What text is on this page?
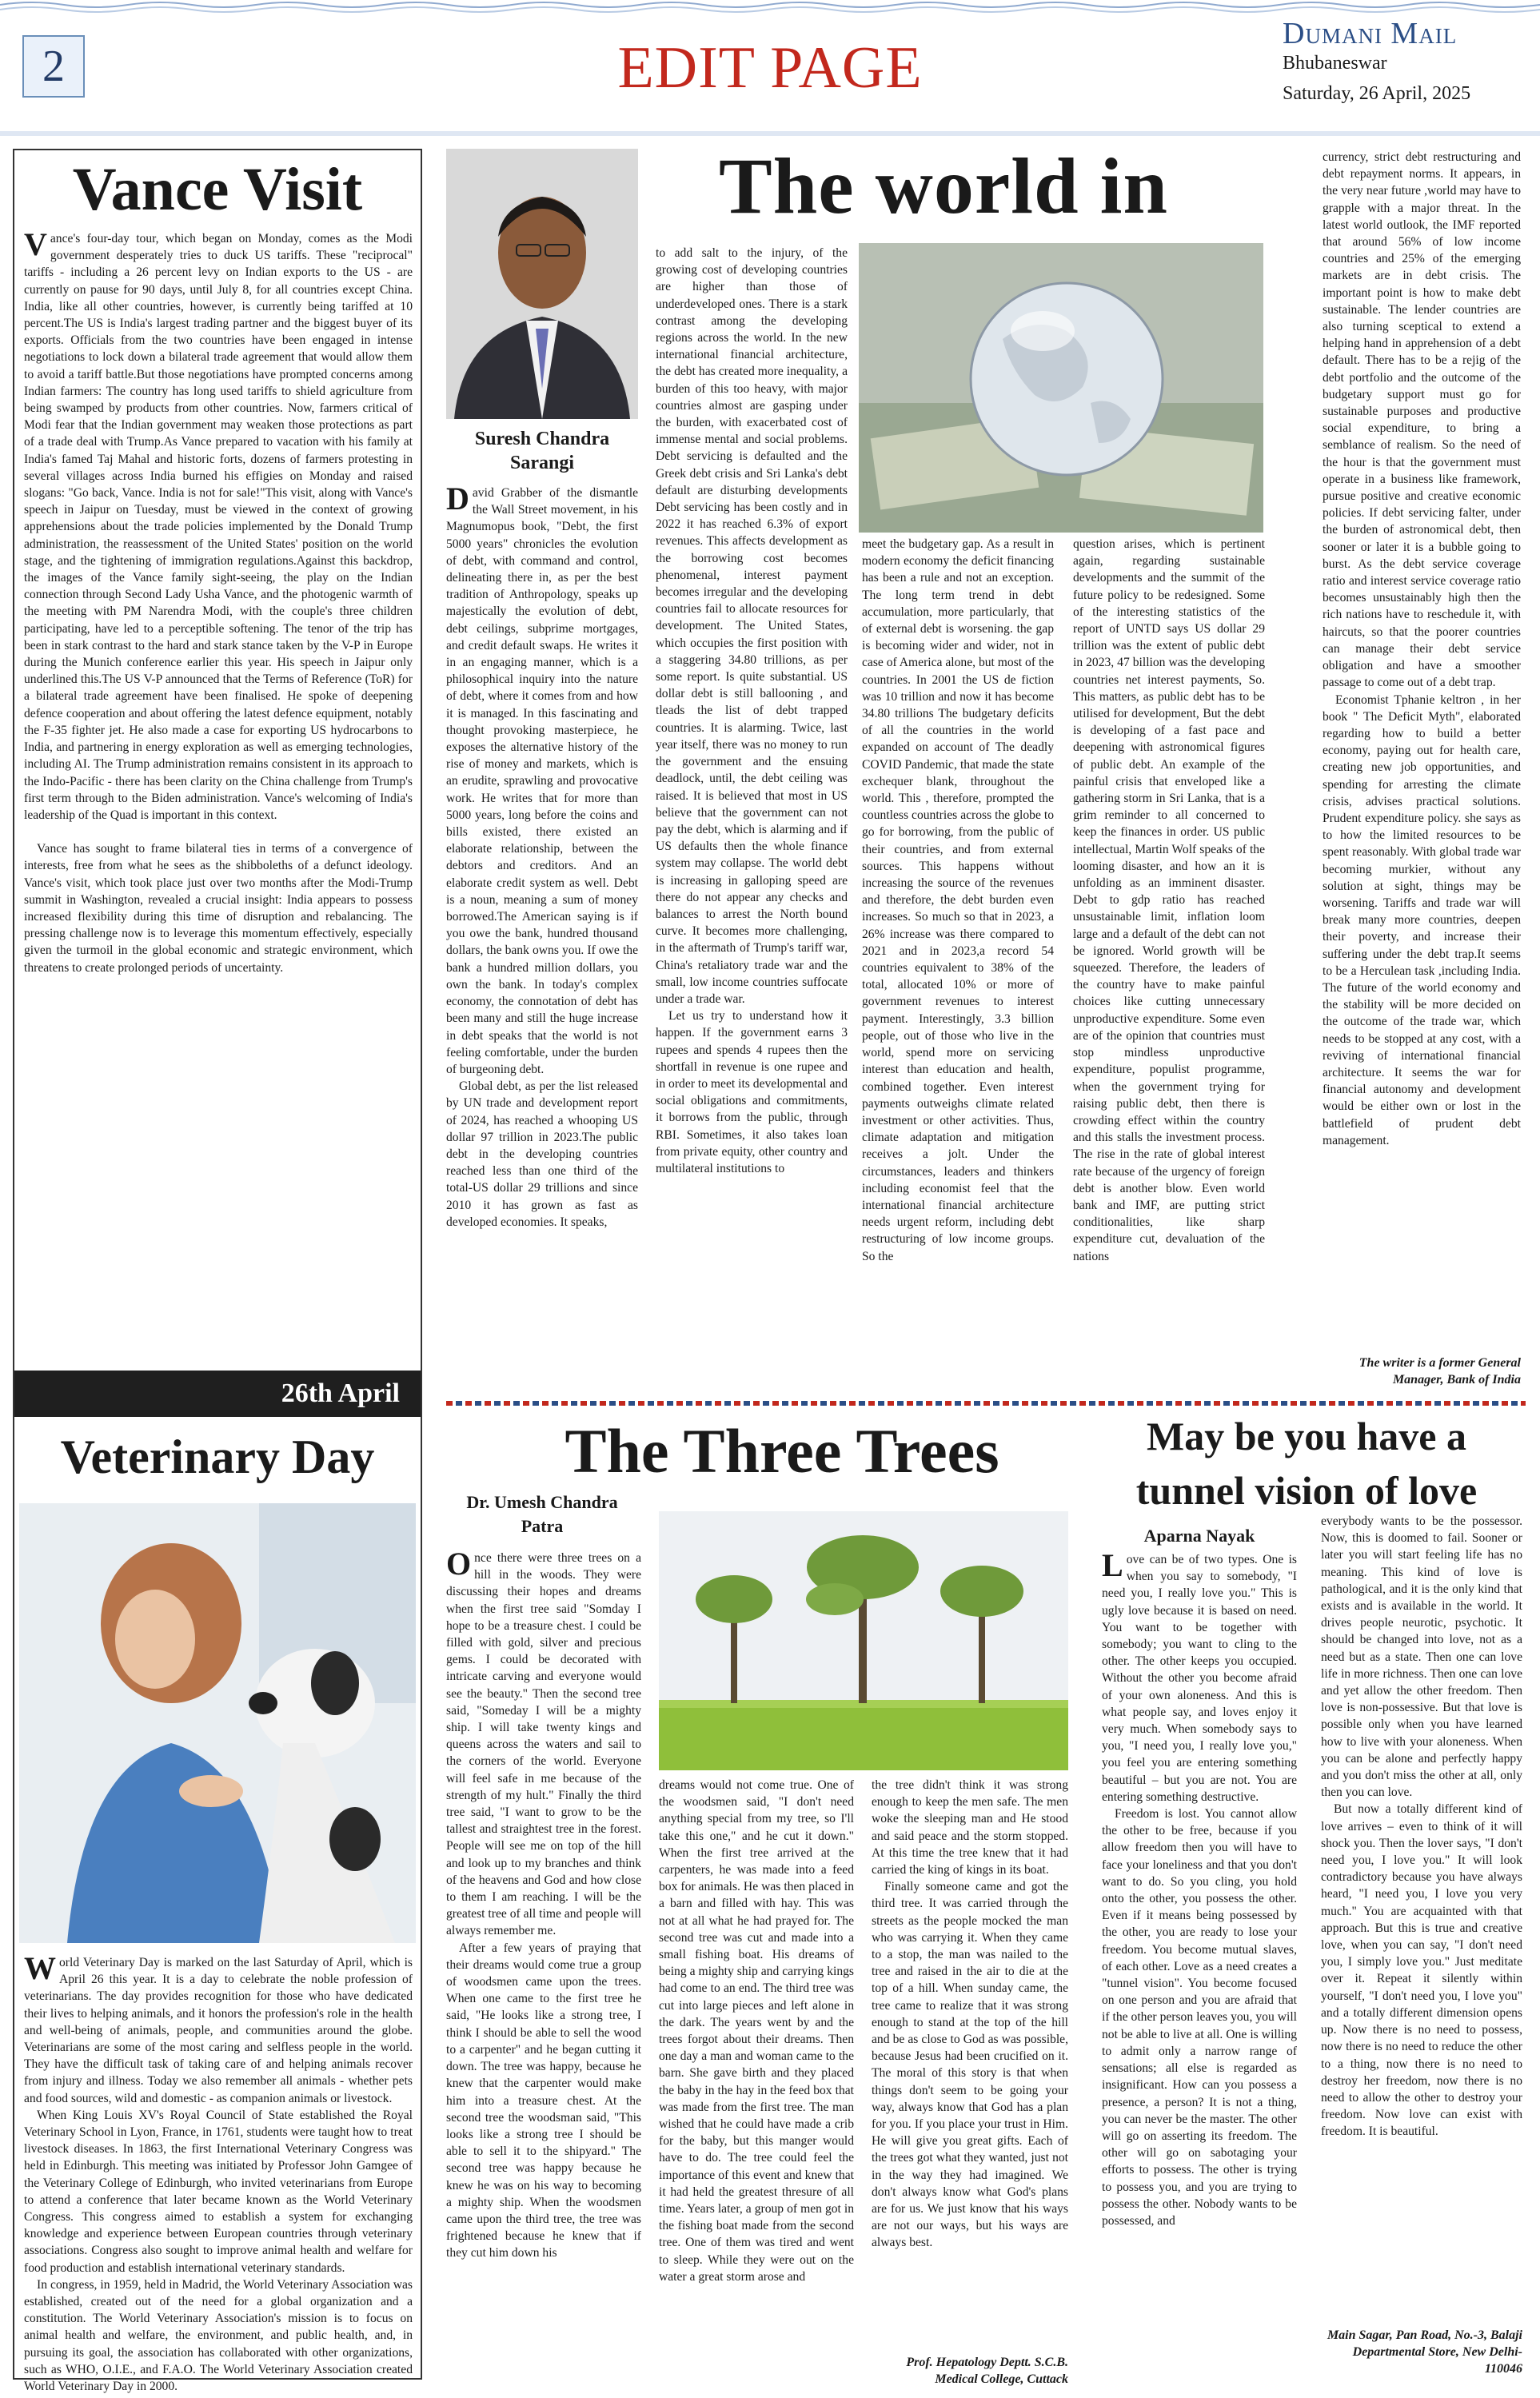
2	EDIT PAGE
Dumani Mail
Bhubaneswar
Saturday, 26 April, 2025
Vance Visit

Vance's four-day tour, which began on Monday, comes as the Modi government desperately tries to duck US tariffs. These "reciprocal" tariffs - including a 26 percent levy on Indian exports to the US - are currently on pause for 90 days, until July 8, for all countries except China. India, like all other countries, however, is currently being tariffed at 10 percent.The US is India's largest trading partner and the biggest buyer of its exports. Officials from the two countries have been engaged in intense negotiations to lock down a bilateral trade agreement that would allow them to avoid a tariff battle.But those negotiations have prompted concerns among Indian farmers: The country has long used tariffs to shield agriculture from being swamped by products from other countries. Now, farmers critical of Modi fear that the Indian government may weaken those protections as part of a trade deal with Trump.As Vance prepared to vacation with his family at India's famed Taj Mahal and historic forts, dozens of farmers protesting in several villages across India burned his effigies on Monday and raised slogans: "Go back, Vance. India is not for sale!"This visit, along with Vance's speech in Jaipur on Tuesday, must be viewed in the context of growing apprehensions about the trade policies implemented by the Donald Trump administration, the reassessment of the United States' position on the world stage, and the tightening of immigration regulations.Against this backdrop, the images of the Vance family sight-seeing, the play on the Indian connection through Second Lady Usha Vance, and the photogenic warmth of the meeting with PM Narendra Modi, with the couple's three children participating, have led to a perceptible softening. The tenor of the trip has been in stark contrast to the hard and stark stance taken by the V-P in Europe during the Munich conference earlier this year. His speech in Jaipur only underlined this.The US V-P announced that the Terms of Reference (ToR) for a bilateral trade agreement have been finalised. He spoke of deepening defence cooperation and about offering the latest defence equipment, notably the F-35 fighter jet. He also made a case for exporting US hydrocarbons to India, and partnering in energy exploration as well as emerging technologies, including AI. The Trump administration remains consistent in its approach to the Indo-Pacific - there has been clarity on the China challenge from Trump's first term through to the Biden administration. Vance's welcoming of India's leadership of the Quad is important in this context.

Vance has sought to frame bilateral ties in terms of a convergence of interests, free from what he sees as the shibboleths of a defunct ideology. Vance's visit, which took place just over two months after the Modi-Trump summit in Washington, revealed a crucial insight: India appears to possess increased flexibility during this time of disruption and rebalancing. The pressing challenge now is to leverage this momentum effectively, especially given the turmoil in the global economic and strategic environment, which threatens to create prolonged periods of uncertainty.

26th April
Veterinary Day

World Veterinary Day is marked on the last Saturday of April, which is April 26 this year. It is a day to celebrate the noble profession of veterinarians. The day provides recognition for those who have dedicated their lives to helping animals, and it honors the profession's role in the health and well-being of animals, people, and communities around the globe. Veterinarians are some of the most caring and selfless people in the world. They have the difficult task of taking care of and helping animals recover from injury and illness. Today we also remember all animals - whether pets and food sources, wild and domestic - as companion animals or livestock.

When King Louis XV's Royal Council of State established the Royal Veterinary School in Lyon, France, in 1761, students were taught how to treat livestock diseases. In 1863, the first International Veterinary Congress was held in Edinburgh. This meeting was initiated by Professor John Gamgee of the Veterinary College of Edinburgh, who invited veterinarians from Europe to attend a conference that later became known as the World Veterinary Congress. This congress aimed to establish a system for exchanging knowledge and experience between European countries through veterinary associations. Congress also sought to improve animal health and welfare for food production and establish international veterinary standards.

In congress, in 1959, held in Madrid, the World Veterinary Association was established, created out of the need for a global organization and a constitution. The World Veterinary Association's mission is to focus on animal health and welfare, the environment, and public health, and, in pursuing its goal, the association has collaborated with other organizations, such as WHO, O.I.E., and F.A.O. The World Veterinary Association created World Veterinary Day in 2000.

Suresh Chandra Sarangi
The world in

David Grabber of the dismantle the Wall Street movement, in his Magnumopus book, "Debt, the first 5000 years" chronicles the evolution of debt, with command and control, delineating there in, as per the best tradition of Anthropology, speaks up majestically the evolution of debt, debt ceilings, subprime mortgages, and credit default swaps. He writes it in an engaging manner, which is a philosophical inquiry into the nature of debt, where it comes from and how it is managed. In this fascinating and thought provoking masterpiece, he exposes the alternative history of the rise of money and markets, which is an erudite, sprawling and provocative work. He writes that for more than 5000 years, long before the coins and bills existed, there existed an elaborate relationship, between the debtors and creditors. And an elaborate credit system as well. Debt is a noun, meaning a sum of money borrowed.The American saying is if you owe the bank, hundred thousand dollars, the bank owns you. If owe the bank a hundred million dollars, you own the bank. In today's complex economy, the connotation of debt has been many and still the huge increase in debt speaks that the world is not feeling comfortable, under the burden of burgeoning debt.

Global debt, as per the list released by UN trade and development report of 2024, has reached a whooping US dollar 97 trillion in 2023.The public debt in the developing countries reached less than one third of the total-US dollar 29 trillions and since 2010 it has grown as fast as developed economies. It speaks,

to add salt to the injury, of the growing cost of developing countries are higher than those of underdeveloped ones. There is a stark contrast among the developing regions across the world. In the new international financial architecture, the debt has created more inequality, a burden of this too heavy, with major countries almost are gasping under the burden, with exacerbated cost of immense mental and social problems. Debt servicing is defaulted and the Greek debt crisis and Sri Lanka's debt default are disturbing developments Debt servicing has been costly and in 2022 it has reached 6.3% of export revenues. This affects development as the borrowing cost becomes phenomenal, interest payment becomes irregular and the developing countries fail to allocate resources for development. The United States, which occupies the first position with a staggering 34.80 trillions, as per some report. Is quite substantial. US dollar debt is still ballooning , and tleads the list of debt trapped countries. It is alarming. Twice, last year itself, there was no money to run the government and the ensuing deadlock, until, the debt ceiling was raised. It is believed that most in US believe that the government can not pay the debt, which is alarming and if US defaults then the whole finance system may collapse. The world debt is increasing in galloping speed are there do not appear any checks and balances to arrest the North bound curve. It becomes more challenging, in the aftermath of Trump's tariff war, China's retaliatory trade war and the small, low income countries suffocate under a trade war.

Let us try to understand how it happen. If the government earns 3 rupees and spends 4 rupees then the shortfall in revenue is one rupee and in order to meet its developmental and social obligations and commitments, it borrows from the public, through RBI. Sometimes, it also takes loan from private equity, other country and multilateral institutions to

meet the budgetary gap. As a result in modern economy the deficit financing has been a rule and not an exception. The long term trend in debt accumulation, more particularly, that of external debt is worsening. the gap is becoming wider and wider, not in case of America alone, but most of the countries. In 2001 the US de fiction was 10 trillion and now it has become 34.80 trillions The budgetary deficits of all the countries in the world expanded on account of The deadly COVID Pandemic, that made the state exchequer blank, throughout the world. This , therefore, prompted the countless countries across the globe to go for borrowing, from the public of their countries, and from external sources. This happens without increasing the source of the revenues and therefore, the debt burden even increases. So much so that in 2023, a 26% increase was there compared to 2021 and in 2023,a record 54 countries equivalent to 38% of the total, allocated 10% or more of government revenues to interest payment. Interestingly, 3.3 billion people, out of those who live in the world, spend more on servicing interest than education and health, combined together. Even interest payments outweighs climate related investment or other activities. Thus, climate adaptation and mitigation receives a jolt. Under the circumstances, leaders and thinkers including economist feel that the international financial architecture needs urgent reform, including debt restructuring of low income groups. So the

question arises, which is pertinent again, regarding sustainable developments and the summit of the future policy to be redesigned. Some of the interesting statistics of the report of UNTD says US dollar 29 trillion was the extent of public debt in 2023, 47 billion was the developing countries net interest payments, So. This matters, as public debt has to be utilised for development, But the debt is developing of a fast pace and deepening with astronomical figures of public debt. An example of the painful crisis that enveloped like a gathering storm in Sri Lanka, that is a grim reminder to all concerned to keep the finances in order. US public intellectual, Martin Wolf speaks of the looming disaster, and how an it is unfolding as an imminent disaster. Debt to gdp ratio has reached unsustainable limit, inflation loom large and a default of the debt can not be ignored. World growth will be squeezed. Therefore, the leaders of the country have to make painful choices like cutting unnecessary unproductive expenditure. Some even are of the opinion that countries must stop mindless unproductive expenditure, populist programme, when the government trying for raising public debt, then there is crowding effect within the country and this stalls the investment process. The rise in the rate of global interest rate because of the urgency of foreign debt is another blow. Even world bank and IMF, are putting strict conditionalities, like sharp expenditure cut, devaluation of the nations

currency, strict debt restructuring and debt repayment norms. It appears, in the very near future ,world may have to grapple with a major threat. In the latest world outlook, the IMF reported that around 56% of low income countries and 25% of the emerging markets are in debt crisis. The important point is how to make debt sustainable. The lender countries are also turning sceptical to extend a helping hand in apprehension of a debt default. There has to be a rejig of the debt portfolio and the outcome of the budgetary support must go for sustainable purposes and productive social expenditure, to bring a semblance of realism. So the need of the hour is that the government must operate in a business like framework, pursue positive and creative economic policies. If debt servicing falter, under the burden of astronomical debt, then sooner or later it is a bubble going to burst. As the debt service coverage ratio and interest service coverage ratio becomes unsustainably high then the rich nations have to reschedule it, with haircuts, so that the poorer countries can manage their debt service obligation and have a smoother passage to come out of a debt trap.

Economist Tphanie keltron , in her book " The Deficit Myth", elaborated regarding how to build a better economy, paying out for health care, creating new job opportunities, and spending for arresting the climate crisis, advises practical solutions. Prudent expenditure policy. she says as to how the limited resources to be spent reasonably. With global trade war becoming murkier, without any solution at sight, things may be worsening. Tariffs and trade war will break many more countries, deepen their poverty, and increase their suffering under the debt trap.It seems to be a Herculean task ,including India. The future of the world economy and the stability will be more decided on the outcome of the trade war, which needs to be stopped at any cost, with a reviving of international financial architecture. It seems the war for financial autonomy and development would be either own or lost in the battlefield of prudent debt management.

The writer is a former General Manager, Bank of India
The Three Trees
Dr. Umesh Chandra Patra

Once there were three trees on a hill in the woods. They were discussing their hopes and dreams when the first tree said "Somday I hope to be a treasure chest. I could be filled with gold, silver and precious gems. I could be decorated with intricate carving and everyone would see the beauty." Then the second tree said, "Someday I will be a mighty ship. I will take twenty kings and queens across the waters and sail to the corners of the world. Everyone will feel safe in me because of the strength of my hult." Finally the third tree said, "I want to grow to be the tallest and straightest tree in the forest. People will see me on top of the hill and look up to my branches and think of the heavens and God and how close to them I am reaching. I will be the greatest tree of all time and people will always remember me.

After a few years of praying that their dreams would come true a group of woodsmen came upon the trees. When one came to the first tree he said, "He looks like a strong tree, I think I should be able to sell the wood to a carpenter" and he began cutting it down. The tree was happy, because he knew that the carpenter would make him into a treasure chest. At the second tree the woodsman said, "This looks like a strong tree I should be able to sell it to the shipyard." The second tree was happy because he knew he was on his way to becoming a mighty ship. When the woodsmen came upon the third tree, the tree was frightened because he knew that if they cut him down his

dreams would not come true. One of the woodsmen said, "I don't need anything special from my tree, so I'll take this one," and he cut it down." When the first tree arrived at the carpenters, he was made into a feed box for animals. He was then placed in a barn and filled with hay. This was not at all what he had prayed for. The second tree was cut and made into a small fishing boat. His dreams of being a mighty ship and carrying kings had come to an end. The third tree was cut into large pieces and left alone in the dark. The years went by and the trees forgot about their dreams. Then one day a man and woman came to the barn. She gave birth and they placed the baby in the hay in the feed box that was made from the first tree. The man wished that he could have made a crib for the baby, but this manger would have to do. The tree could feel the importance of this event and knew that it had held the greatest thresure of all time. Years later, a group of men got in the fishing boat made from the second tree. One of them was tired and went to sleep. While they were out on the water a great storm arose and

the tree didn't think it was strong enough to keep the men safe. The men woke the sleeping man and He stood and said peace and the storm stopped. At this time the tree knew that it had carried the king of kings in its boat.

Finally someone came and got the third tree. It was carried through the streets as the people mocked the man who was carrying it. When they came to a stop, the man was nailed to the tree and raised in the air to die at the top of a hill. When sunday came, the tree came to realize that it was strong enough to stand at the top of the hill and be as close to God as was possible, because Jesus had been crucified on it. The moral of this story is that when things don't seem to be going your way, always know that God has a plan for you. If you place your trust in Him. He will give you great gifts. Each of the trees got what they wanted, just not in the way they had imagined. We don't always know what God's plans are for us. We just know that his ways are not our ways, but his ways are always best.

Prof. Hepatology Deptt. S.C.B. Medical College, Cuttack
May be you have a tunnel vision of love
Aparna Nayak

Love can be of two types. One is when you say to somebody, "I need you, I really love you." This is ugly love because it is based on need. You want to be together with somebody; you want to cling to the other. The other keeps you occupied. Without the other you become afraid of your own aloneness. And this is what people say, and loves enjoy it very much. When somebody says to you, "I need you, I really love you," you feel you are entering something beautiful – but you are not. You are entering something destructive.

Freedom is lost. You cannot allow the other to be free, because if you allow freedom then you will have to face your loneliness and that you don't want to do. So you cling, you hold onto the other, you possess the other. Even if it means being possessed by the other, you are ready to lose your freedom. You become mutual slaves, of each other. Love as a need creates a "tunnel vision". You become focused on one person and you are afraid that if the other person leaves you, you will not be able to live at all. One is willing to admit only a narrow range of sensations; all else is regarded as insignificant. How can you possess a presence, a person? It is not a thing, you can never be the master. The other will go on asserting its freedom. The other will go on sabotaging your efforts to possess. The other is trying to possess you, and you are trying to possess the other. Nobody wants to be possessed, and

everybody wants to be the possessor. Now, this is doomed to fail. Sooner or later you will start feeling life has no meaning. This kind of love is pathological, and it is the only kind that exists and is available in the world. It drives people neurotic, psychotic. It should be changed into love, not as a need but as a state. Then one can love life in more richness. Then one can love and yet allow the other freedom. Then love is non-possessive. But that love is possible only when you have learned how to live with your aloneness. When you can be alone and perfectly happy and you don't miss the other at all, only then you can love.

But now a totally different kind of love arrives – even to think of it will shock you. Then the lover says, "I don't need you, I love you." It will look contradictory because you have always heard, "I need you, I love you very much." You are acquainted with that approach. But this is true and creative love, when you can say, "I don't need you, I simply love you." Just meditate over it. Repeat it silently within yourself, "I don't need you, I love you" and a totally different dimension opens up. Now there is no need to possess, now there is no need to reduce the other to a thing, now there is no need to destroy her freedom, now there is no need to allow the other to destroy your freedom. Now love can exist with freedom. It is beautiful.

Main Sagar, Pan Road, No.-3, Balaji Departmental Store, New Delhi-110046
